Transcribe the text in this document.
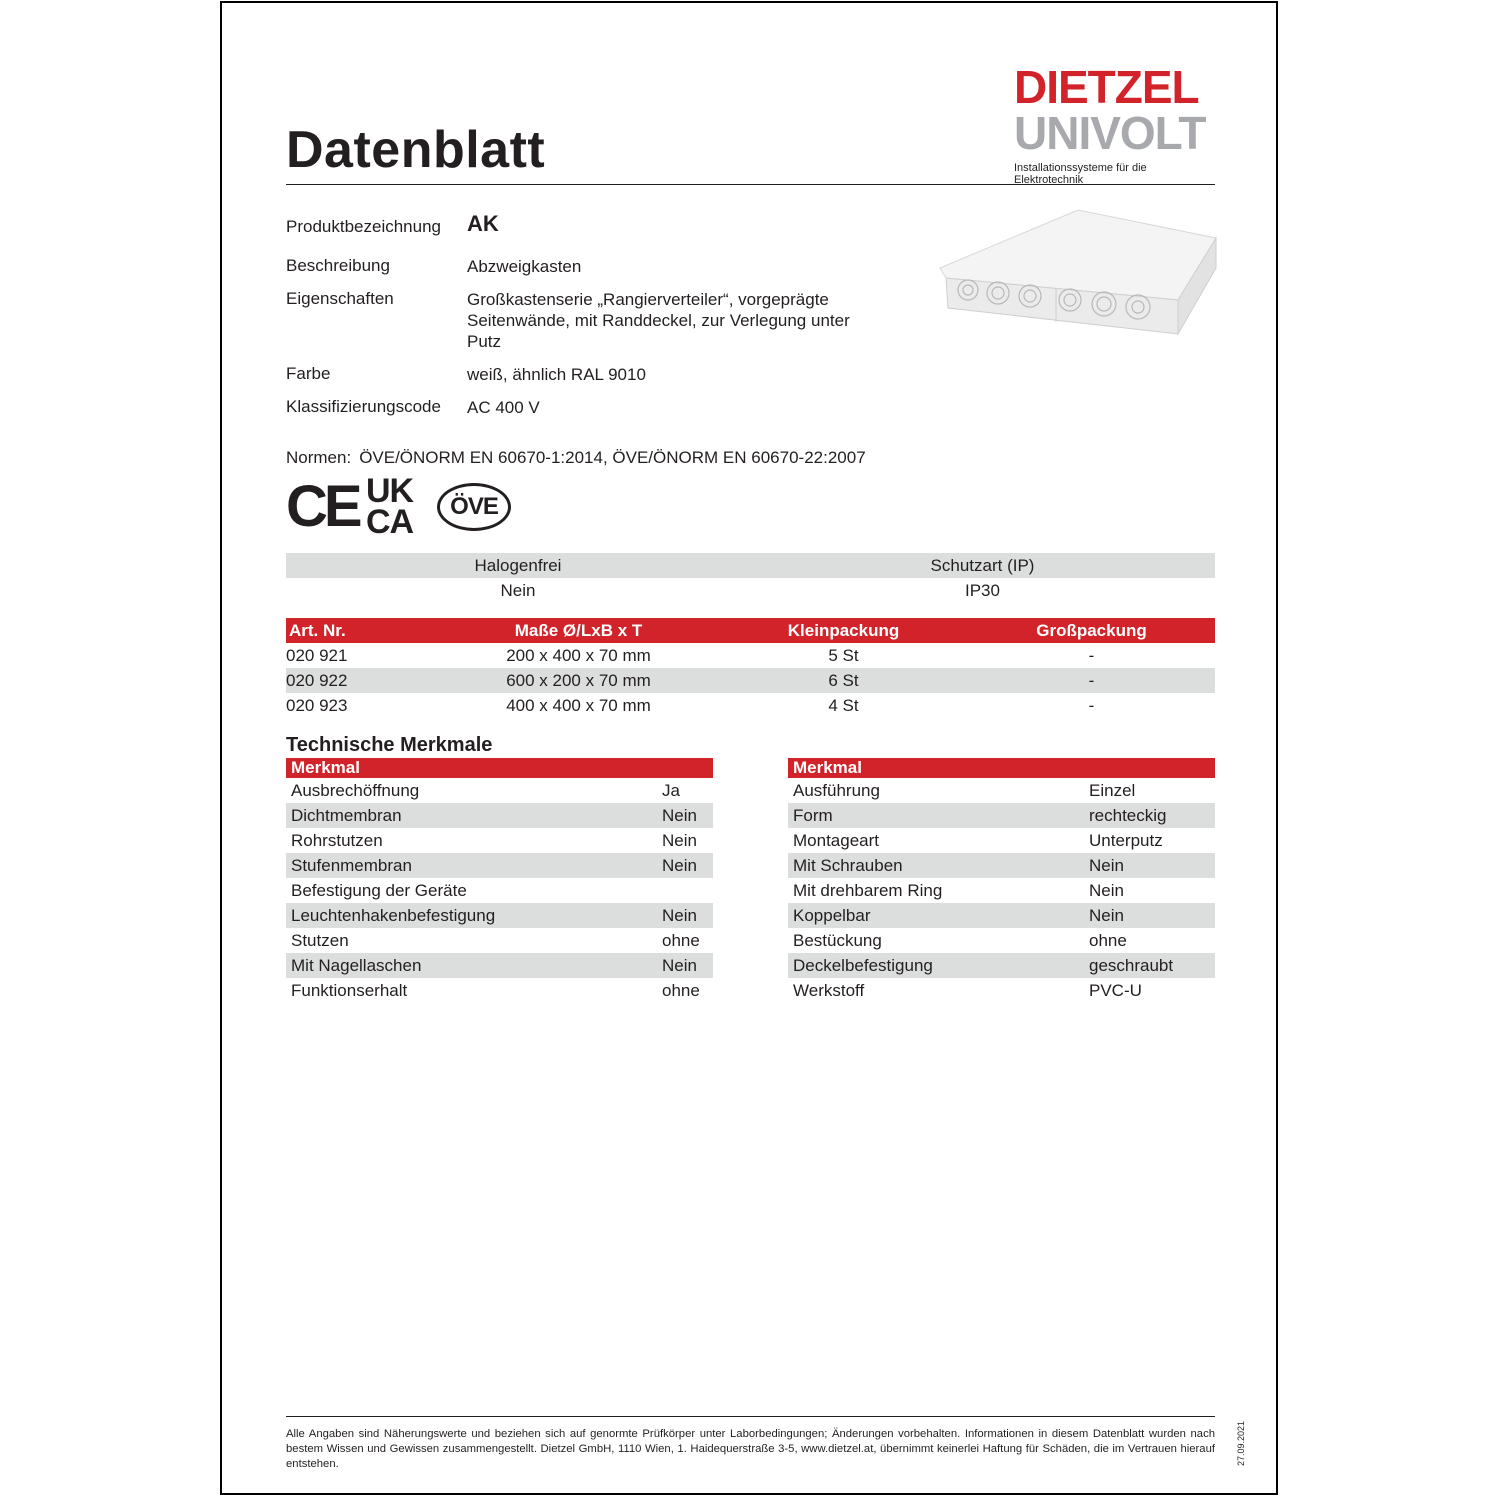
Datenblatt
DIETZEL
UNIVOLT
Installationssysteme für die Elektrotechnik
Produktbezeichnung AK
Beschreibung	Abzweigkasten
Eigenschaften	Großkastenserie „Rangierverteiler“, vorgeprägte Seitenwände, mit Randdeckel, zur Verlegung unter Putz
Farbe	weiß, ähnlich RAL 9010
Klassifizierungscode AC 400 V
Normen: ÖVE/ÖNORM EN 60670-1:2014, ÖVE/ÖNORM EN 60670-22:2007
CE UK
CA	ÖVE
Halogenfrei	Schutzart (IP)
Nein	IP30
Art. Nr.	Maße Ø/LxB x T	Kleinpackung	Großpackung
020 921	200 x 400 x 70 mm	5 St	-
020 922	600 x 200 x 70 mm	6 St	-
020 923	400 x 400 x 70 mm	4 St	-
Technische Merkmale
Merkmal
Ausbrechöffnung	Ja
Dichtmembran	Nein
Rohrstutzen	Nein
Stufenmembran	Nein
Befestigung der Geräte
Leuchtenhakenbefestigung	Nein
Stutzen	ohne
Mit Nagellaschen	Nein
Funktionserhalt	ohne
Merkmal
Ausführung	Einzel
Form	rechteckig
Montageart	Unterputz
Mit Schrauben	Nein
Mit drehbarem Ring	Nein
Koppelbar	Nein
Bestückung	ohne
Deckelbefestigung	geschraubt
Werkstoff	PVC-U
Alle Angaben sind Näherungswerte und beziehen sich auf genormte Prüfkörper unter Laborbedingungen; Änderungen vorbehalten. Informationen in diesem Datenblatt wurden nach bestem Wissen und Gewissen zusammengestellt. Dietzel GmbH, 1110 Wien, 1. Haidequerstraße 3-5, www.dietzel.at, übernimmt keinerlei Haftung für Schäden, die im Vertrauen hierauf entstehen.	27.09.2021
